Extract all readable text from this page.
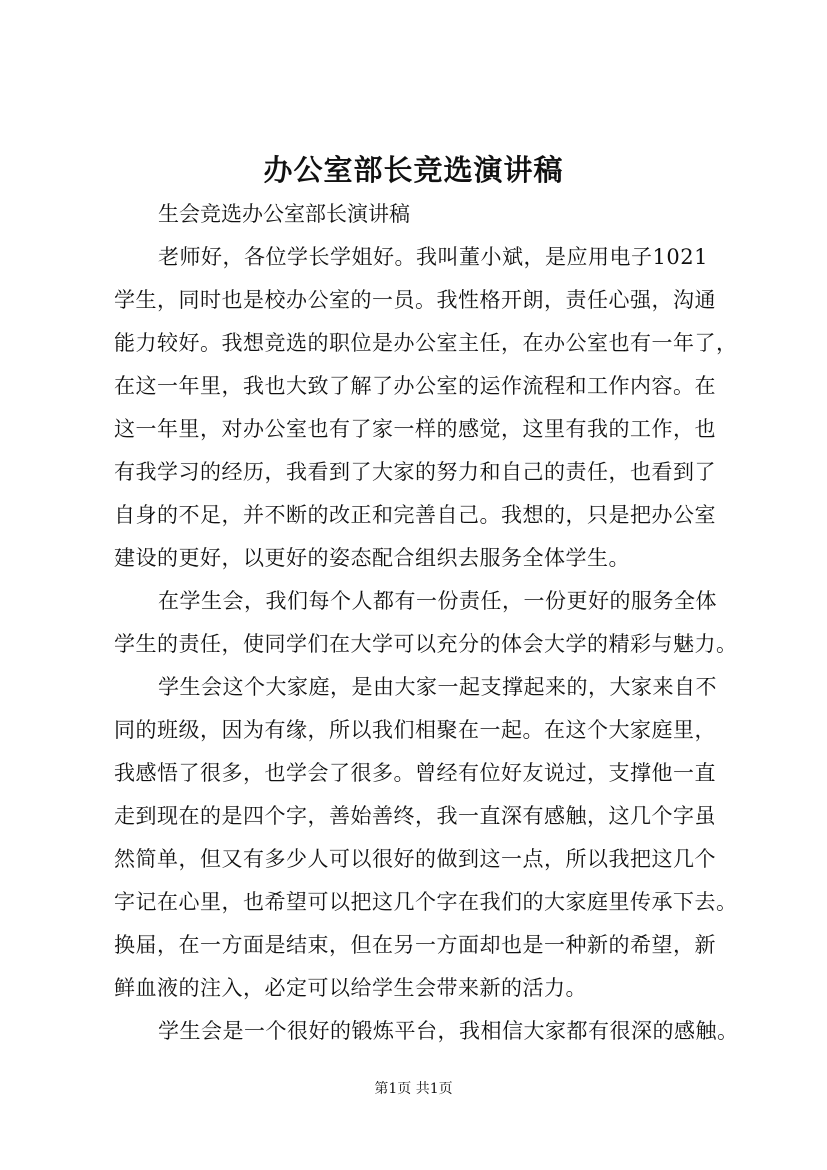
办公室部长竞选演讲稿
生会竞选办公室部长演讲稿
老师好，各位学长学姐好。我叫董小斌，是应用电子1021
学生，同时也是校办公室的一员。我性格开朗，责任心强，沟通
能力较好。我想竞选的职位是办公室主任，在办公室也有一年了，
在这一年里，我也大致了解了办公室的运作流程和工作内容。在
这一年里，对办公室也有了家一样的感觉，这里有我的工作，也
有我学习的经历，我看到了大家的努力和自己的责任，也看到了
自身的不足，并不断的改正和完善自己。我想的，只是把办公室
建设的更好，以更好的姿态配合组织去服务全体学生。
在学生会，我们每个人都有一份责任，一份更好的服务全体
学生的责任，使同学们在大学可以充分的体会大学的精彩与魅力。
学生会这个大家庭，是由大家一起支撑起来的，大家来自不
同的班级，因为有缘，所以我们相聚在一起。在这个大家庭里，
我感悟了很多，也学会了很多。曾经有位好友说过，支撑他一直
走到现在的是四个字，善始善终，我一直深有感触，这几个字虽
然简单，但又有多少人可以很好的做到这一点，所以我把这几个
字记在心里，也希望可以把这几个字在我们的大家庭里传承下去。
换届，在一方面是结束，但在另一方面却也是一种新的希望，新
鲜血液的注入，必定可以给学生会带来新的活力。
学生会是一个很好的锻炼平台，我相信大家都有很深的感触。
第1页 共1页
